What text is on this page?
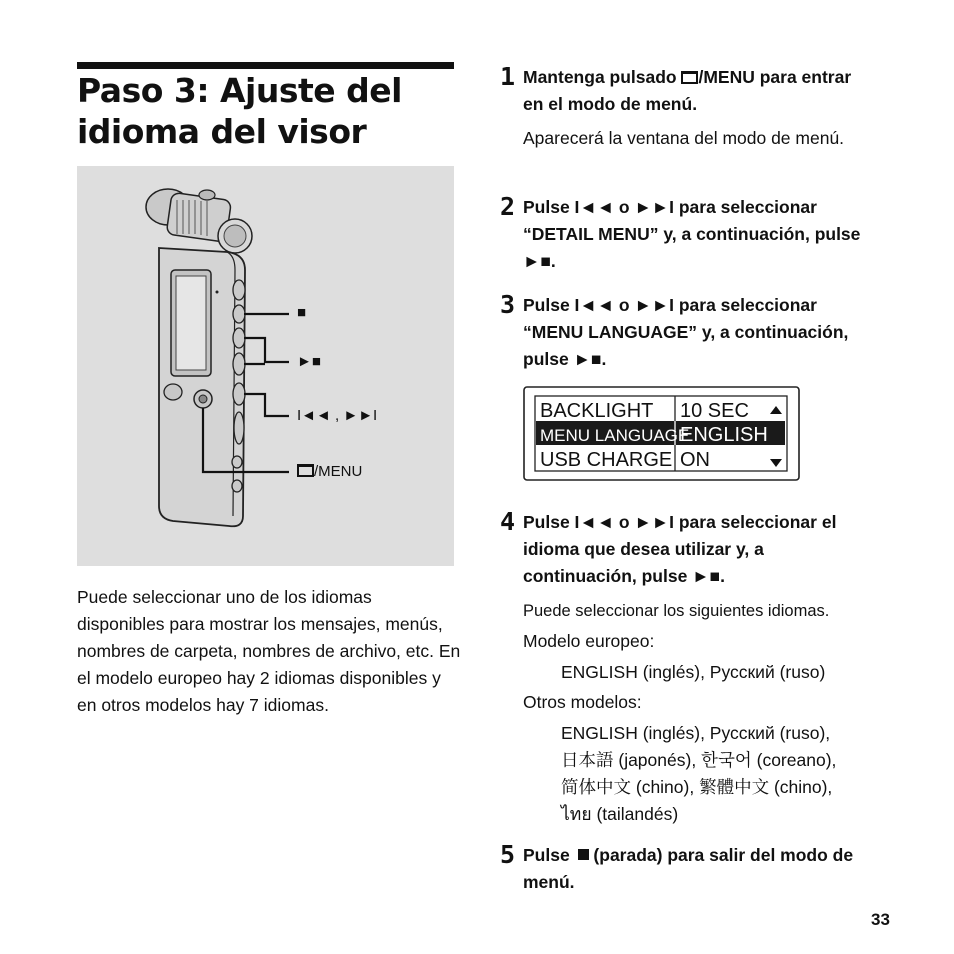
Paso 3: Ajuste del
idioma del visor
■
►■
I◄◄ , ►►I
/MENU

Puede seleccionar uno de los idiomas disponibles para mostrar los mensajes, menús, nombres de carpeta, nombres de archivo, etc. En el modelo europeo hay 2 idiomas disponibles y en otros modelos hay 7 idiomas.

1 Mantenga pulsado /MENU para entrar en el modo de menú.

Aparecerá la ventana del modo de menú.

2 Pulse I◄◄ o ►►I para seleccionar “DETAIL MENU” y, a continuación, pulse ►■.

3 Pulse I◄◄ o ►►I para seleccionar “MENU LANGUAGE” y, a continuación, pulse ►■.

BACKLIGHT 10 SEC
MENU LANGUAGE
ENGLISH
USB CHARGE ON
4 Pulse I◄◄ o ►►I para seleccionar el idioma que desea utilizar y, a continuación, pulse ►■.

Puede seleccionar los siguientes idiomas.

Modelo europeo:

ENGLISH (inglés), Русский (ruso)

Otros modelos:

ENGLISH (inglés), Русский (ruso),

日本語 (japonés), 한국어 (coreano),

简体中文 (chino), 繁體中文 (chino),

ไทย (tailandés)

5 Pulse  (parada) para salir del modo de menú.

33
